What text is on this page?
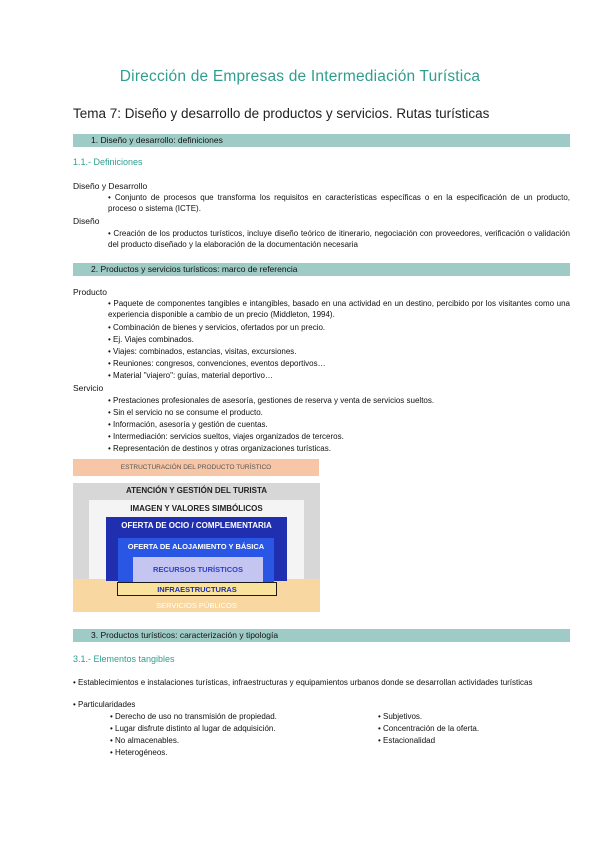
Dirección de Empresas de Intermediación Turística
Tema 7: Diseño y desarrollo de productos y servicios. Rutas turísticas
1. Diseño y desarrollo: definiciones
1.1.- Definiciones
Diseño y Desarrollo
• Conjunto de procesos que transforma los requisitos en características específicas o en la especificación de un producto, proceso o sistema (ICTE).
Diseño
• Creación de los productos turísticos, incluye diseño teórico de itinerario, negociación con proveedores, verificación o validación del producto diseñado y la elaboración de la documentación necesaria
2. Productos y servicios turísticos: marco de referencia
Producto
• Paquete de componentes tangibles e intangibles, basado en una actividad en un destino, percibido por los visitantes como una experiencia disponible a cambio de un precio (Middleton, 1994).
• Combinación de bienes y servicios, ofertados por un precio.
• Ej. Viajes combinados.
• Viajes: combinados, estancias, visitas, excursiones.
• Reuniones: congresos, convenciones, eventos deportivos…
• Material "viajero": guías, material deportivo…
Servicio
• Prestaciones profesionales de asesoría, gestiones de reserva y venta de servicios sueltos.
• Sin el servicio no se consume el producto.
• Información, asesoría y gestión de cuentas.
• Intermediación: servicios sueltos, viajes organizados de terceros.
• Representación de destinos y otras organizaciones turísticas.
ESTRUCTURACIÓN DEL PRODUCTO TURÍSTICO
ATENCIÓN Y GESTIÓN DEL TURISTA
IMAGEN Y VALORES SIMBÓLICOS
OFERTA DE OCIO / COMPLEMENTARIA
OFERTA DE ALOJAMIENTO Y BÁSICA
RECURSOS TURÍSTICOS
INFRAESTRUCTURAS
SERVICIOS PÚBLICOS
3. Productos turísticos: caracterización y tipología
3.1.- Elementos tangibles
• Establecimientos e instalaciones turísticas, infraestructuras y equipamientos urbanos donde se desarrollan actividades turísticas
• Particularidades
• Derecho de uso no transmisión de propiedad.
• Lugar disfrute distinto al lugar de adquisición.
• No almacenables.
• Heterogéneos.
• Subjetivos.
• Concentración de la oferta.
• Estacionalidad
